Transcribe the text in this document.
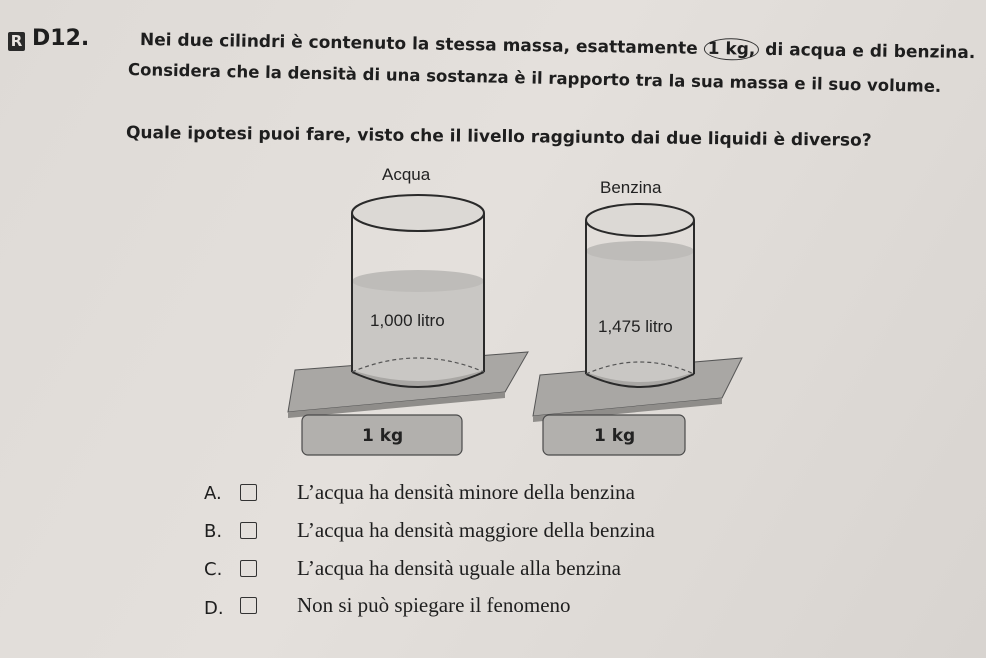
R D12.	Nei due cilindri è contenuto la stessa massa, esattamente 1 kg, di acqua e di benzina.
Considera che la densità di una sostanza è il rapporto tra la sua massa e il suo volume.
Quale ipotesi puoi fare, visto che il livello raggiunto dai due liquidi è diverso?
Acqua
Benzina
1,000 litro	1,475 litro
1 kg	1 kg
A.	L’acqua ha densità minore della benzina
B.	L’acqua ha densità maggiore della benzina
C.	L’acqua ha densità uguale alla benzina
D.	Non si può spiegare il fenomeno
